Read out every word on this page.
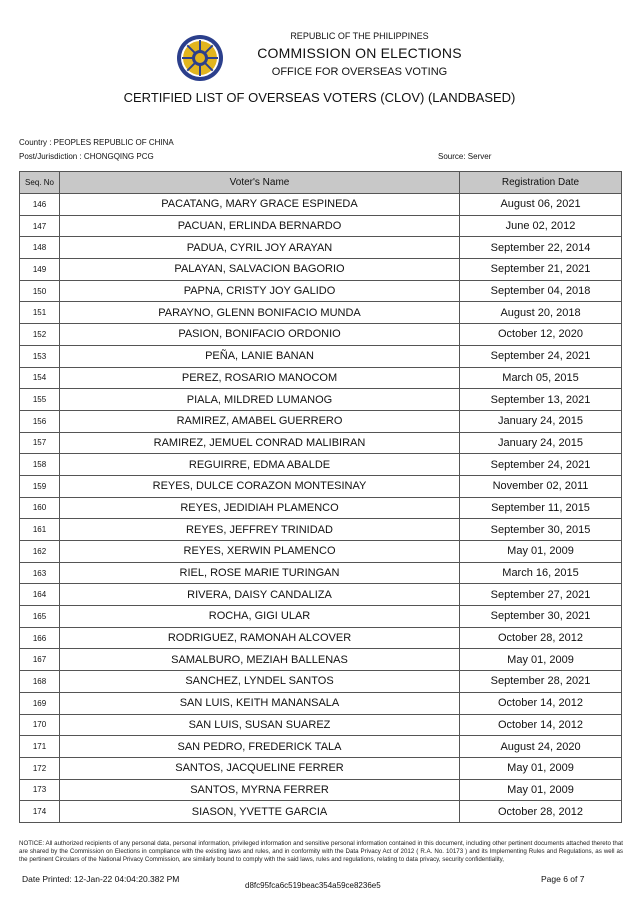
REPUBLIC OF THE PHILIPPINES
COMMISSION ON ELECTIONS
OFFICE FOR OVERSEAS VOTING
CERTIFIED LIST OF OVERSEAS VOTERS (CLOV) (LANDBASED)
Country : PEOPLES REPUBLIC OF CHINA
Post/Jurisdiction : CHONGQING PCG	Source: Server
Seq. No	Voter's Name	Registration Date
146	PACATANG, MARY GRACE ESPINEDA	August 06, 2021
147	PACUAN, ERLINDA BERNARDO	June 02, 2012
148	PADUA, CYRIL JOY ARAYAN	September 22, 2014
149	PALAYAN, SALVACION BAGORIO	September 21, 2021
150	PAPNA, CRISTY JOY GALIDO	September 04, 2018
151	PARAYNO, GLENN BONIFACIO MUNDA	August 20, 2018
152	PASION, BONIFACIO ORDONIO	October 12, 2020
153	PEÑA, LANIE BANAN	September 24, 2021
154	PEREZ, ROSARIO MANOCOM	March 05, 2015
155	PIALA, MILDRED LUMANOG	September 13, 2021
156	RAMIREZ, AMABEL GUERRERO	January 24, 2015
157	RAMIREZ, JEMUEL CONRAD MALIBIRAN	January 24, 2015
158	REGUIRRE, EDMA ABALDE	September 24, 2021
159	REYES, DULCE CORAZON MONTESINAY	November 02, 2011
160	REYES, JEDIDIAH PLAMENCO	September 11, 2015
161	REYES, JEFFREY TRINIDAD	September 30, 2015
162	REYES, XERWIN PLAMENCO	May 01, 2009
163	RIEL, ROSE MARIE TURINGAN	March 16, 2015
164	RIVERA, DAISY CANDALIZA	September 27, 2021
165	ROCHA, GIGI ULAR	September 30, 2021
166	RODRIGUEZ, RAMONAH ALCOVER	October 28, 2012
167	SAMALBURO, MEZIAH BALLENAS	May 01, 2009
168	SANCHEZ, LYNDEL SANTOS	September 28, 2021
169	SAN LUIS, KEITH MANANSALA	October 14, 2012
170	SAN LUIS, SUSAN SUAREZ	October 14, 2012
171	SAN PEDRO, FREDERICK TALA	August 24, 2020
172	SANTOS, JACQUELINE FERRER	May 01, 2009
173	SANTOS, MYRNA FERRER	May 01, 2009
174	SIASON, YVETTE GARCIA	October 28, 2012
NOTICE: All authorized recipients of any personal data, personal information, privileged information and sensitive personal information contained in this document, including other pertinent documents attached thereto that are shared by the Commission on Elections in compliance with the existing laws and rules, and in conformity with the Data Privacy Act of 2012 ( R.A. No. 10173 ) and its Implementing Rules and Regulations, as well as the pertinent Circulars of the National Privacy Commission, are similarly bound to comply with the said laws, rules and regulations, relating to data privacy, security confidentiality,
Date Printed: 12-Jan-22 04:04:20.382 PM
d8fc95fca6c519beac354a59ce8236e5
Page 6 of 7
